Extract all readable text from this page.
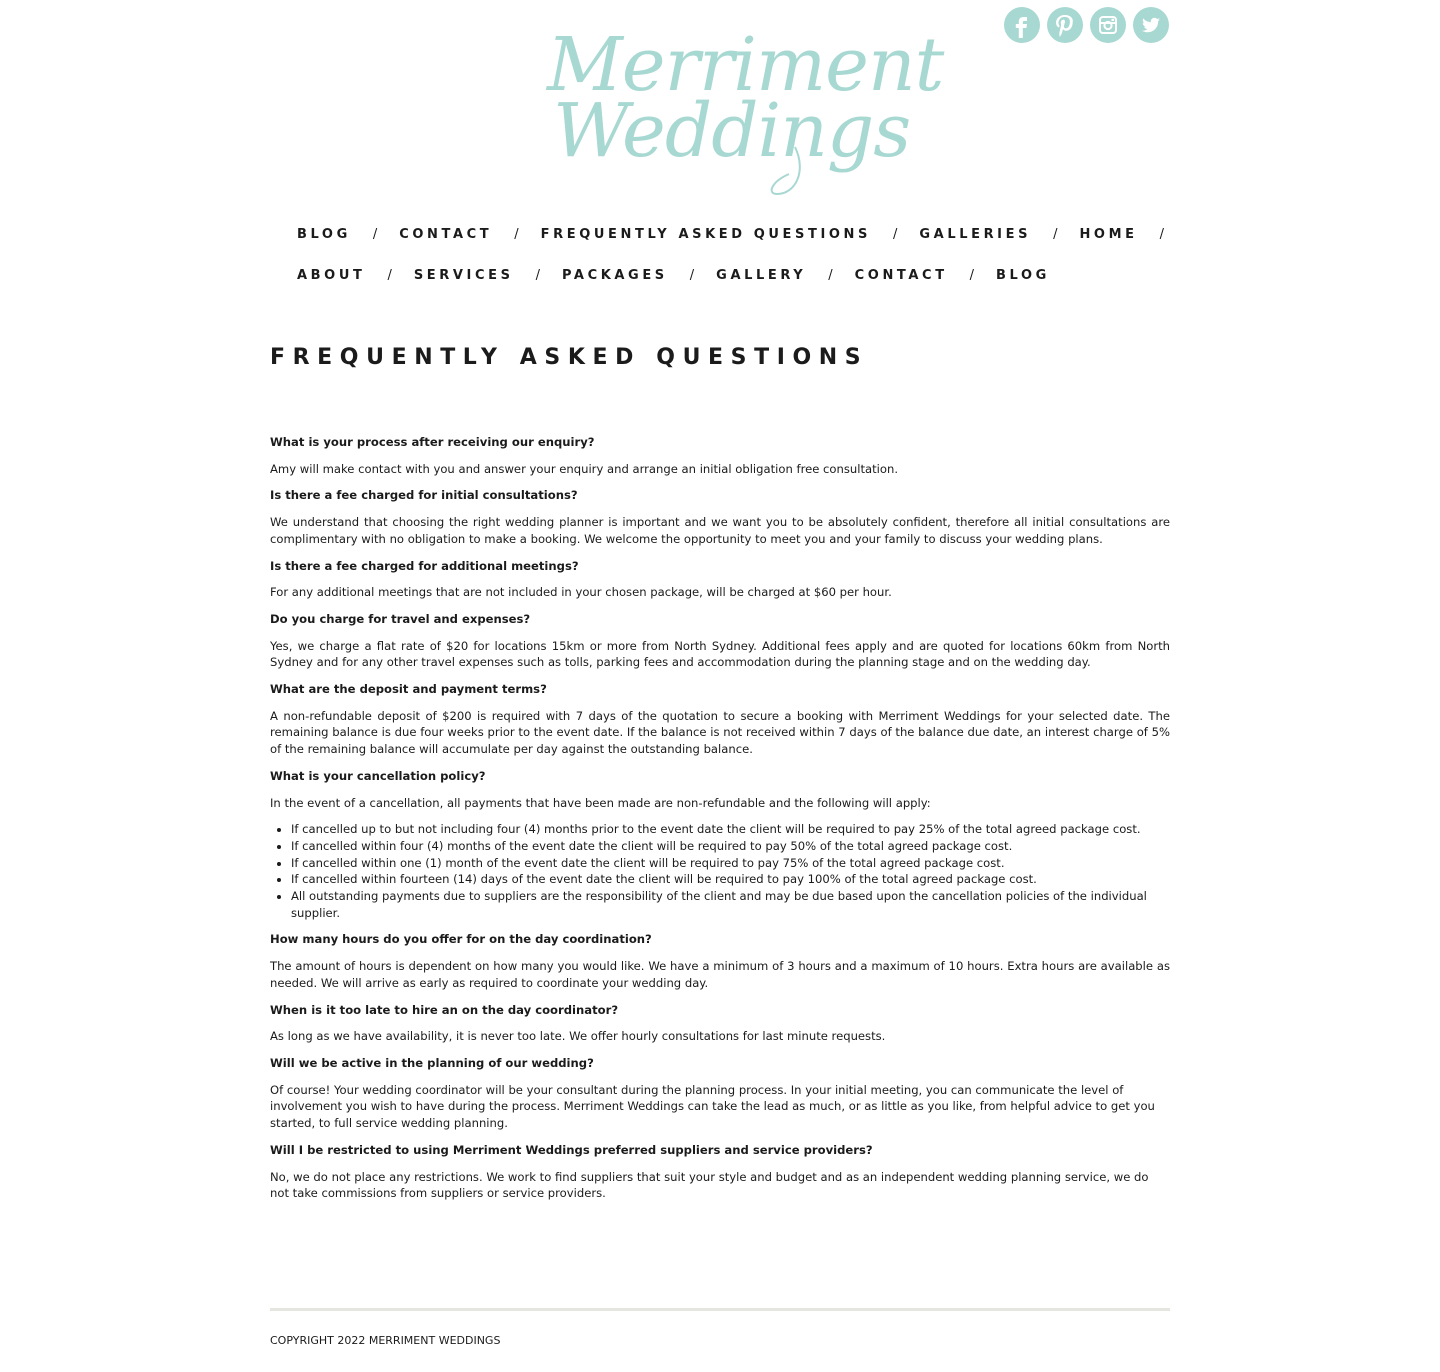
Merriment
Weddings
BLOG / CONTACT / FREQUENTLY ASKED QUESTIONS / GALLERIES / HOME /
ABOUT / SERVICES / PACKAGES / GALLERY / CONTACT / BLOG
FREQUENTLY ASKED QUESTIONS

What is your process after receiving our enquiry?

Amy will make contact with you and answer your enquiry and arrange an initial obligation free consultation.

Is there a fee charged for initial consultations?

We understand that choosing the right wedding planner is important and we want you to be absolutely confident, therefore all initial consultations are complimentary with no obligation to make a booking. We welcome the opportunity to meet you and your family to discuss your wedding plans.

Is there a fee charged for additional meetings?

For any additional meetings that are not included in your chosen package, will be charged at $60 per hour.

Do you charge for travel and expenses?

Yes, we charge a flat rate of $20 for locations 15km or more from North Sydney. Additional fees apply and are quoted for locations 60km from North Sydney and for any other travel expenses such as tolls, parking fees and accommodation during the planning stage and on the wedding day.

What are the deposit and payment terms?

A non-refundable deposit of $200 is required with 7 days of the quotation to secure a booking with Merriment Weddings for your selected date. The remaining balance is due four weeks prior to the event date. If the balance is not received within 7 days of the balance due date, an interest charge of 5% of the remaining balance will accumulate per day against the outstanding balance.

What is your cancellation policy?

In the event of a cancellation, all payments that have been made are non-refundable and the following will apply:

• If cancelled up to but not including four (4) months prior to the event date the client will be required to pay 25% of the total agreed package cost.
• If cancelled within four (4) months of the event date the client will be required to pay 50% of the total agreed package cost.
• If cancelled within one (1) month of the event date the client will be required to pay 75% of the total agreed package cost.
• If cancelled within fourteen (14) days of the event date the client will be required to pay 100% of the total agreed package cost.
• All outstanding payments due to suppliers are the responsibility of the client and may be due based upon the cancellation policies of the individual supplier.

How many hours do you offer for on the day coordination?

The amount of hours is dependent on how many you would like. We have a minimum of 3 hours and a maximum of 10 hours. Extra hours are available as needed. We will arrive as early as required to coordinate your wedding day.

When is it too late to hire an on the day coordinator?

As long as we have availability, it is never too late. We offer hourly consultations for last minute requests.

Will we be active in the planning of our wedding?

Of course! Your wedding coordinator will be your consultant during the planning process. In your initial meeting, you can communicate the level of involvement you wish to have during the process. Merriment Weddings can take the lead as much, or as little as you like, from helpful advice to get you started, to full service wedding planning.

Will I be restricted to using Merriment Weddings preferred suppliers and service providers?

No, we do not place any restrictions. We work to find suppliers that suit your style and budget and as an independent wedding planning service, we do not take commissions from suppliers or service providers.

COPYRIGHT 2022 MERRIMENT WEDDINGS
